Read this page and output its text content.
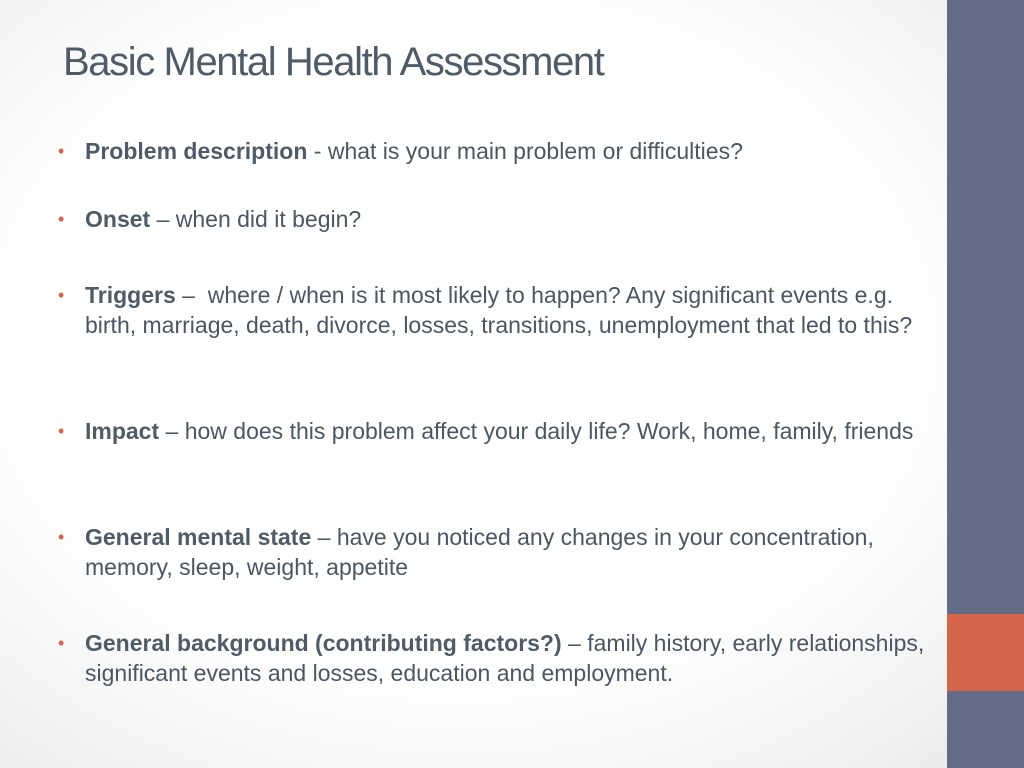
Basic Mental Health Assessment
• Problem description - what is your main problem or difficulties?
• Onset – when did it begin?
• Triggers –  where / when is it most likely to happen? Any significant events e.g. birth, marriage, death, divorce, losses, transitions, unemployment that led to this?
• Impact – how does this problem affect your daily life? Work, home, family, friends
• General mental state – have you noticed any changes in your concentration, memory, sleep, weight, appetite
• General background (contributing factors?) – family history, early relationships, significant events and losses, education and employment.
